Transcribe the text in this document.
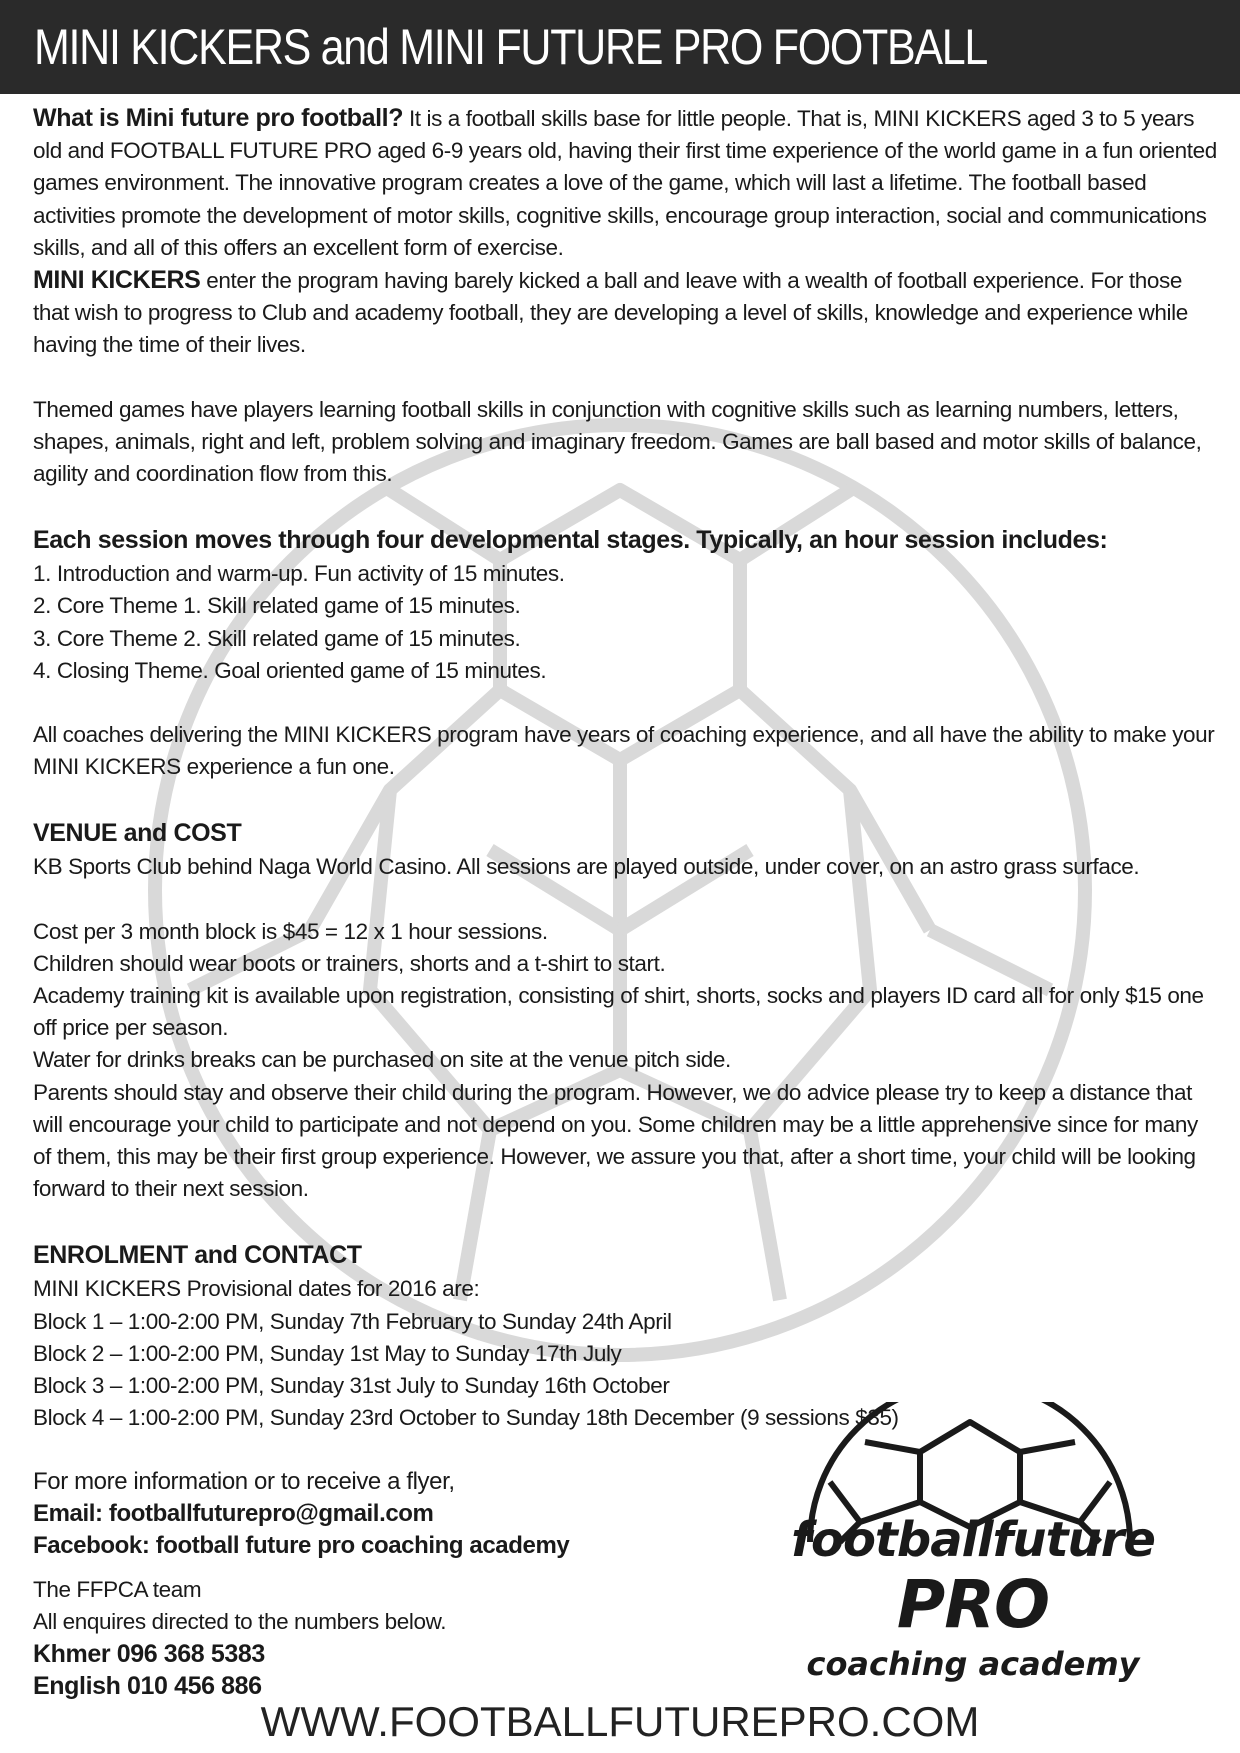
MINI KICKERS and MINI FUTURE PRO FOOTBALL

What is Mini future pro football? It is a football skills base for little people. That is, MINI KICKERS aged 3 to 5 years old and FOOTBALL FUTURE PRO aged 6-9 years old, having their first time experience of the world game in a fun oriented games environment. The innovative program creates a love of the game, which will last a lifetime. The football based activities promote the development of motor skills, cognitive skills, encourage group interaction, social and communications skills, and all of this offers an excellent form of exercise.

MINI KICKERS enter the program having barely kicked a ball and leave with a wealth of football experience. For those that wish to progress to Club and academy football, they are developing a level of skills, knowledge and experience while having the time of their lives.

Themed games have players learning football skills in conjunction with cognitive skills such as learning numbers, letters, shapes, animals, right and left, problem solving and imaginary freedom. Games are ball based and motor skills of balance, agility and coordination flow from this.

Each session moves through four developmental stages. Typically, an hour session includes:

1. Introduction and warm-up. Fun activity of 15 minutes.

2. Core Theme 1. Skill related game of 15 minutes.

3. Core Theme 2. Skill related game of 15 minutes.

4. Closing Theme. Goal oriented game of 15 minutes.

All coaches delivering the MINI KICKERS program have years of coaching experience, and all have the ability to make your MINI KICKERS experience a fun one.

VENUE and COST

KB Sports Club behind Naga World Casino. All sessions are played outside, under cover, on an astro grass surface.

Cost per 3 month block is $45 = 12 x 1 hour sessions.

Children should wear boots or trainers, shorts and a t-shirt to start.

Academy training kit is available upon registration, consisting of shirt, shorts, socks and players ID card all for only $15 one off price per season.

Water for drinks breaks can be purchased on site at the venue pitch side.

Parents should stay and observe their child during the program. However, we do advice please try to keep a distance that will encourage your child to participate and not depend on you. Some children may be a little apprehensive since for many of them, this may be their first group experience. However, we assure you that, after a short time, your child will be looking forward to their next session.

ENROLMENT and CONTACT

MINI KICKERS Provisional dates for 2016 are:

Block 1 – 1:00-2:00 PM, Sunday 7th February to Sunday 24th April

Block 2 – 1:00-2:00 PM, Sunday 1st May to Sunday 17th July

Block 3 – 1:00-2:00 PM, Sunday 31st July to Sunday 16th October

Block 4 – 1:00-2:00 PM, Sunday 23rd October to Sunday 18th December (9 sessions $35)

For more information or to receive a flyer,

Email: footballfuturepro@gmail.com

Facebook: football future pro coaching academy

The FFPCA team

All enquires directed to the numbers below.

Khmer 096 368 5383

English 010 456 886

footballfuture
PRO
coaching academy
WWW.FOOTBALLFUTUREPRO.COM
